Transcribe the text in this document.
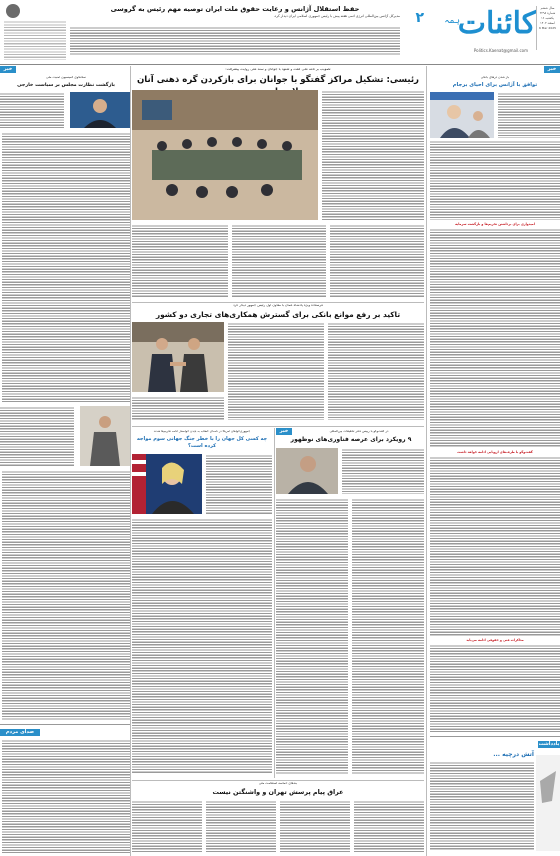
کائنات
ہمہ
۲
سال ششم شماره ۲۲۹۸
یکشنبه ۱۶ اسفند ۱۴۰۳
6 Mar 2025
Politics.Kaenat@gmail.com
حفظ استقلال آژانس و رعایت حقوق ملت ایران توصیه مهم رئیس به گروسی
مدیرکل آژانس بین‌المللی انرژی اتمی هفته پیش با رئیس جمهوری اسلامی ایران دیدار کرد.
خبر
باز شدن درهای بانکی
توافق با آژانس برای احیای برجام
امیدواری برای برداشتن تحریم‌ها و بازگشت سرمایه
گفت‌وگو با طرف‌های اروپایی ادامه خواهد داشت
مذاکرات فنی و حقوقی ادامه می‌یابد
یادداشت
آتش درچیه ...
تصویب بر تامه ملی گفت و شنود با جوانان و سند ملی روایت پیشرفت؛
رئیسی: تشکیل مراکز گفتگو با جوانان برای بازکردن گره ذهنی آنان
فرستاده ویژه پادشاه عمان با معاون اول رئیس جمهور دیدار کرد
تاکید بر رفع موانع بانکی برای گسترش همکاری‌های تجاری دو کشور
خبر
سخنگوی کمیسیون امنیت ملی
بازگشت نظارت مجلس بر سیاست خارجی
صدای مردم
خبر	در گفت‌وگو با رییس دفتر تحقیقات بین‌المللی
۹ رویکرد برای عرصه فناوری‌های نوظهور
جمهوری‌خواهان آمریکا در نامه‌ای خطاب به بایدن خواستار ادامه تحریم‌ها شدند
چه کسی کل جهان را با خطر جنگ جهانی سوم مواجه کرده است؟
بندهای حماسه استقامت ملی
عراق پیام پرسش تهران و واشنگتن نیست
